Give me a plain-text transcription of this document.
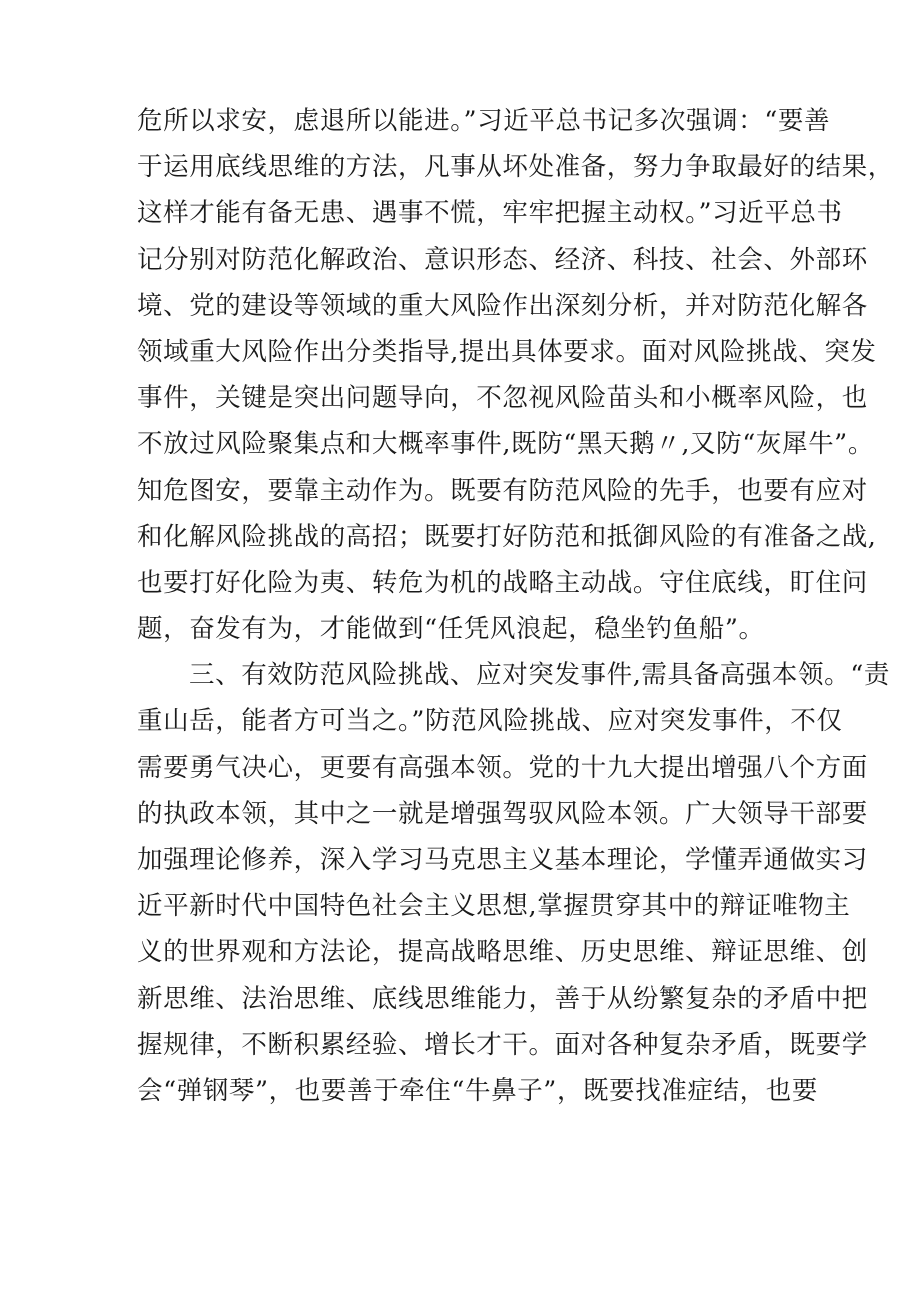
危所以求安，虑退所以能进。”习近平总书记多次强调：“要善
于运用底线思维的方法，凡事从坏处准备，努力争取最好的结果，
这样才能有备无患、遇事不慌，牢牢把握主动权。”习近平总书
记分别对防范化解政治、意识形态、经济、科技、社会、外部环
境、党的建设等领域的重大风险作出深刻分析，并对防范化解各
领域重大风险作出分类指导,提出具体要求。面对风险挑战、突发
事件，关键是突出问题导向，不忽视风险苗头和小概率风险，也
不放过风险聚集点和大概率事件,既防“黑天鹅〃,又防“灰犀牛”。
知危图安，要靠主动作为。既要有防范风险的先手，也要有应对
和化解风险挑战的高招；既要打好防范和抵御风险的有准备之战,
也要打好化险为夷、转危为机的战略主动战。守住底线，盯住问
题，奋发有为，才能做到“任凭风浪起，稳坐钓鱼船”。
三、有效防范风险挑战、应对突发事件,需具备高强本领。“责
重山岳，能者方可当之。”防范风险挑战、应对突发事件，不仅
需要勇气决心，更要有高强本领。党的十九大提出增强八个方面
的执政本领，其中之一就是增强驾驭风险本领。广大领导干部要
加强理论修养，深入学习马克思主义基本理论，学懂弄通做实习
近平新时代中国特色社会主义思想,掌握贯穿其中的辩证唯物主
义的世界观和方法论，提高战略思维、历史思维、辩证思维、创
新思维、法治思维、底线思维能力，善于从纷繁复杂的矛盾中把
握规律，不断积累经验、增长才干。面对各种复杂矛盾，既要学
会“弹钢琴”，也要善于牵住“牛鼻子”，既要找准症结，也要
